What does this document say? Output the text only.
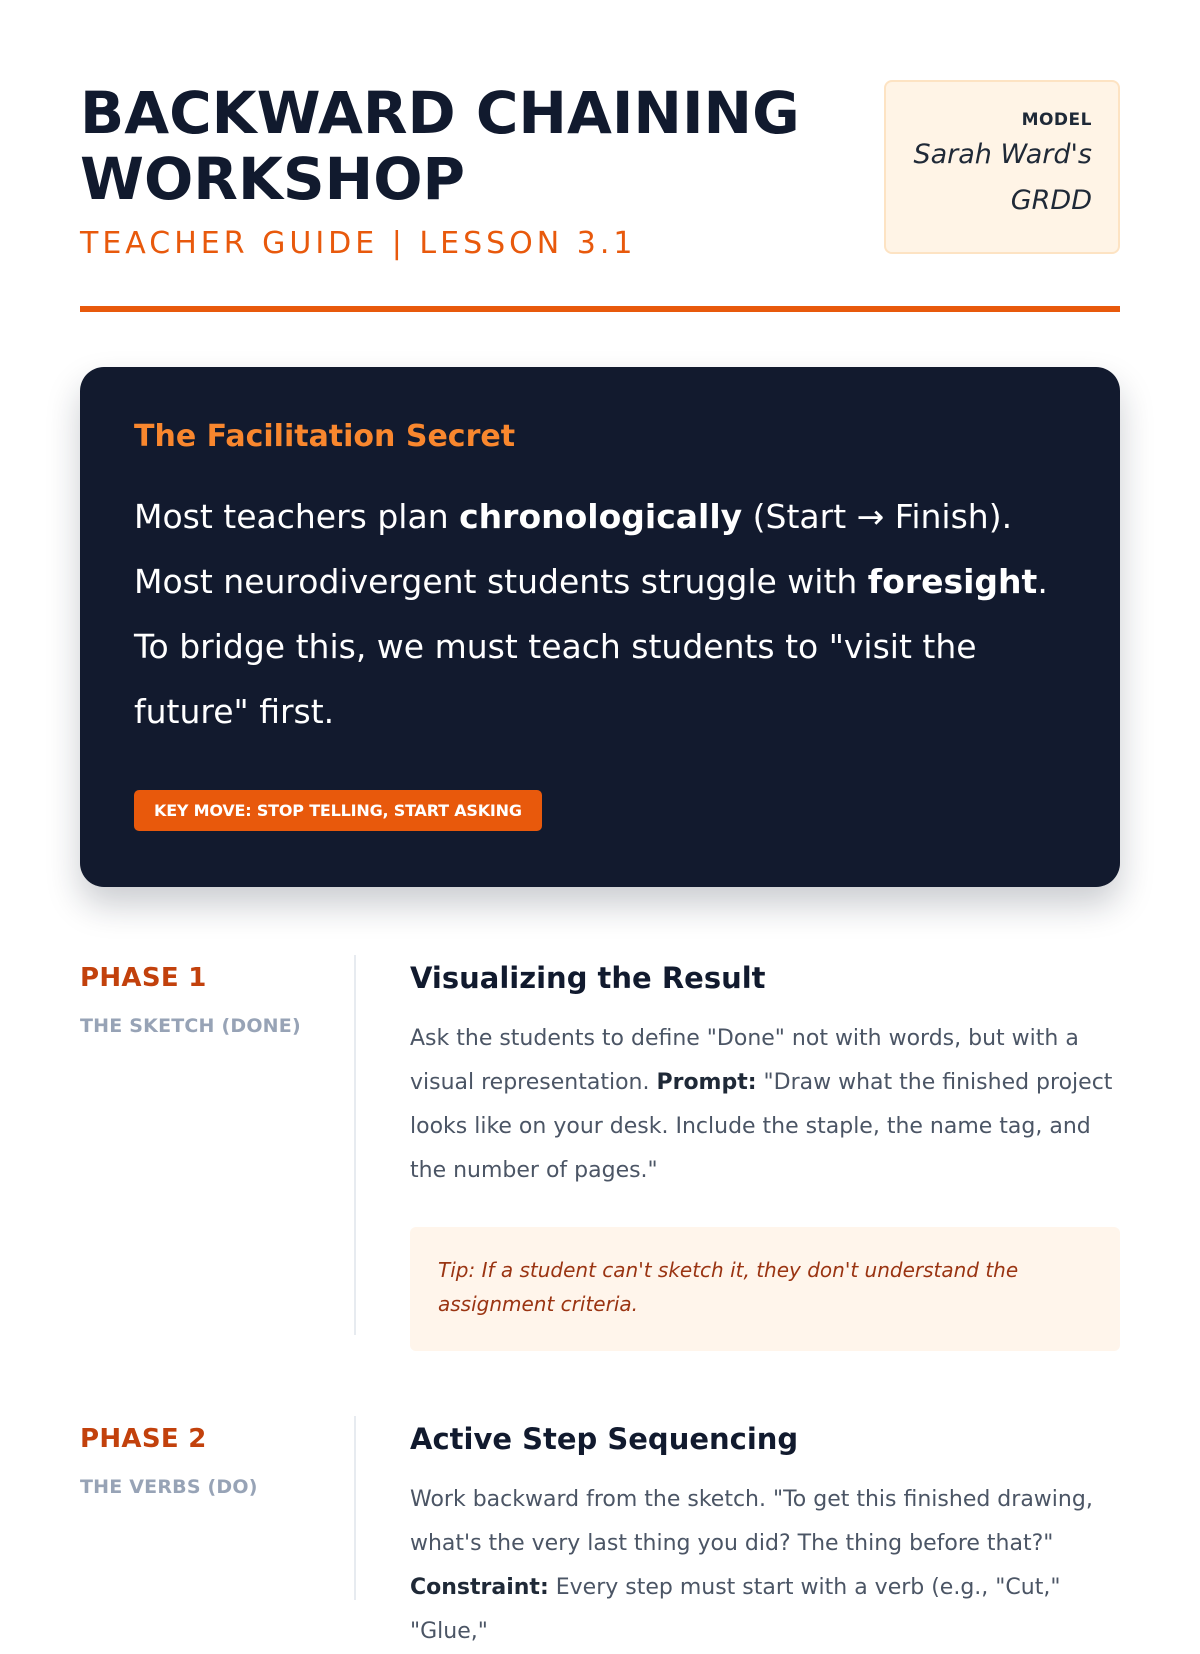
BACKWARD CHAINING
WORKSHOP
TEACHER GUIDE | LESSON 3.1
MODEL
Sarah Ward's
GRDD
The Facilitation Secret
Most teachers plan chronologically (Start → Finish).
Most neurodivergent students struggle with foresight.
To bridge this, we must teach students to "visit the future" first.
KEY MOVE: STOP TELLING, START ASKING
PHASE 1
THE SKETCH (DONE)
Visualizing the Result
Ask the students to define "Done" not with words, but with a visual representation. Prompt: "Draw what the finished project looks like on your desk. Include the staple, the name tag, and the number of pages."
Tip: If a student can't sketch it, they don't understand the assignment criteria.
PHASE 2
THE VERBS (DO)
Active Step Sequencing
Work backward from the sketch. "To get this finished drawing, what's the very last thing you did? The thing before that?" Constraint: Every step must start with a verb (e.g., "Cut," "Glue,"
